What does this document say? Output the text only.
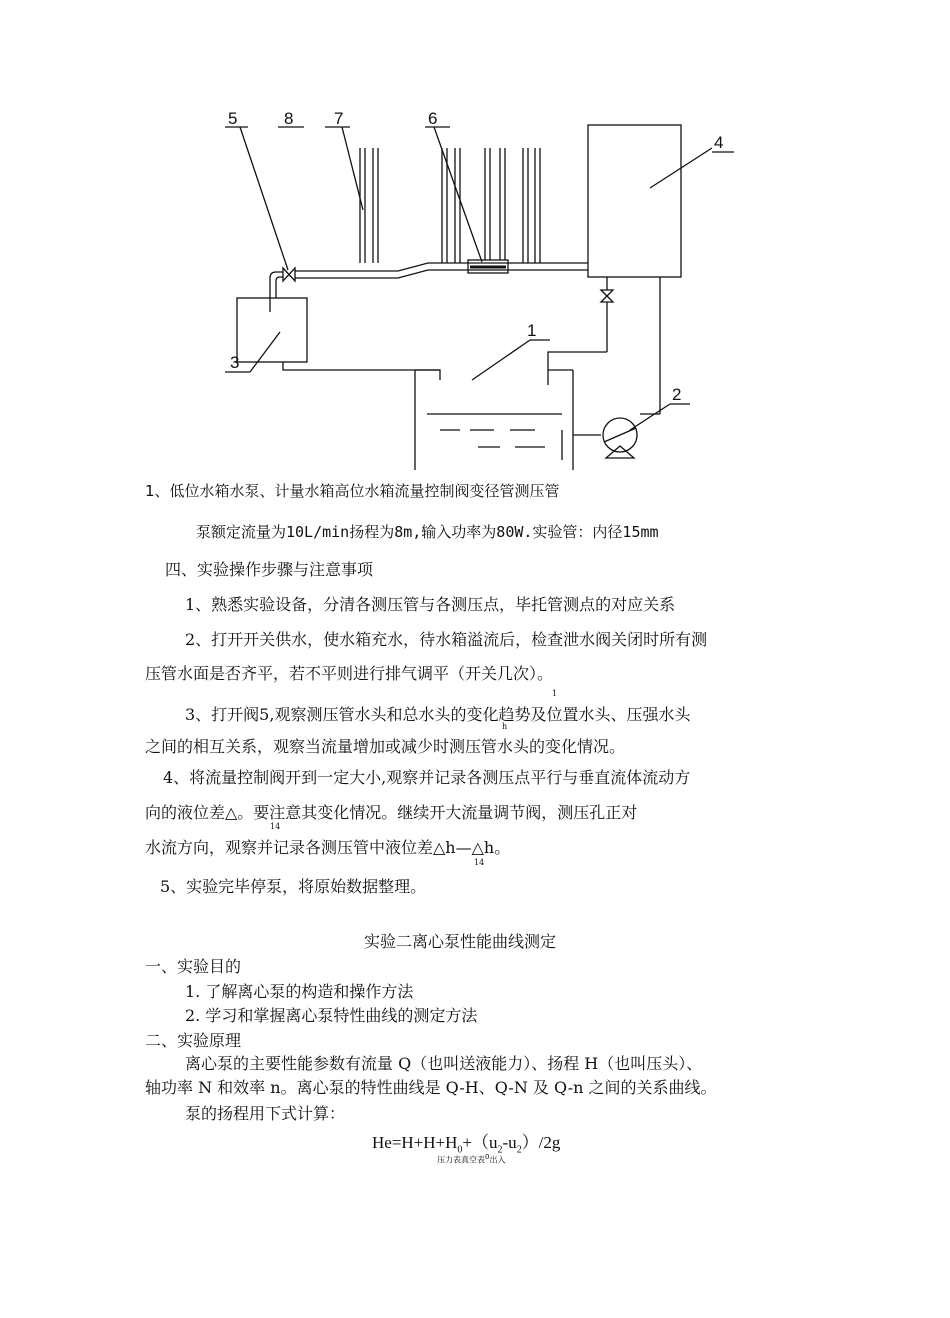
5	8 7	6
4
3
1
2
1、低位水箱水泵、计量水箱高位水箱流量控制阀变径管测压管
泵额定流量为10L/min扬程为8m,输入功率为80W.实验管：内径15mm
四、实验操作步骤与注意事项
1、熟悉实验设备，分清各测压管与各测压点，毕托管测点的对应关系
2、打开开关供水，使水箱充水，待水箱溢流后，检查泄水阀关闭时所有测
压管水面是否齐平，若不平则进行排气调平（开关几次）。
1
3、打开阀5,观察测压管水头和总水头的变化趋势及位置水头、压强水头
h
之间的相互关系，观察当流量增加或减少时测压管水头的变化情况。
4、将流量控制阀开到一定大小,观察并记录各测压点平行与垂直流体流动方
向的液位差△。要注意其变化情况。继续开大流量调节阀，测压孔正对
14
水流方向，观察并记录各测压管中液位差△h—△h。
14
5、实验完毕停泵，将原始数据整理。
实验二离心泵性能曲线测定
一、实验目的
1. 了解离心泵的构造和操作方法
2. 学习和掌握离心泵特性曲线的测定方法
二、实验原理
离心泵的主要性能参数有流量 Q（也叫送液能力）、扬程 H（也叫压头）、
轴功率 N 和效率 n。离心泵的特性曲线是 Q-H、Q-N 及 Q-n 之间的关系曲线。
泵的扬程用下式计算：
$He=H+H+H_0+(u_2-u_2)/2g$
压力表真空表$^0$出入
